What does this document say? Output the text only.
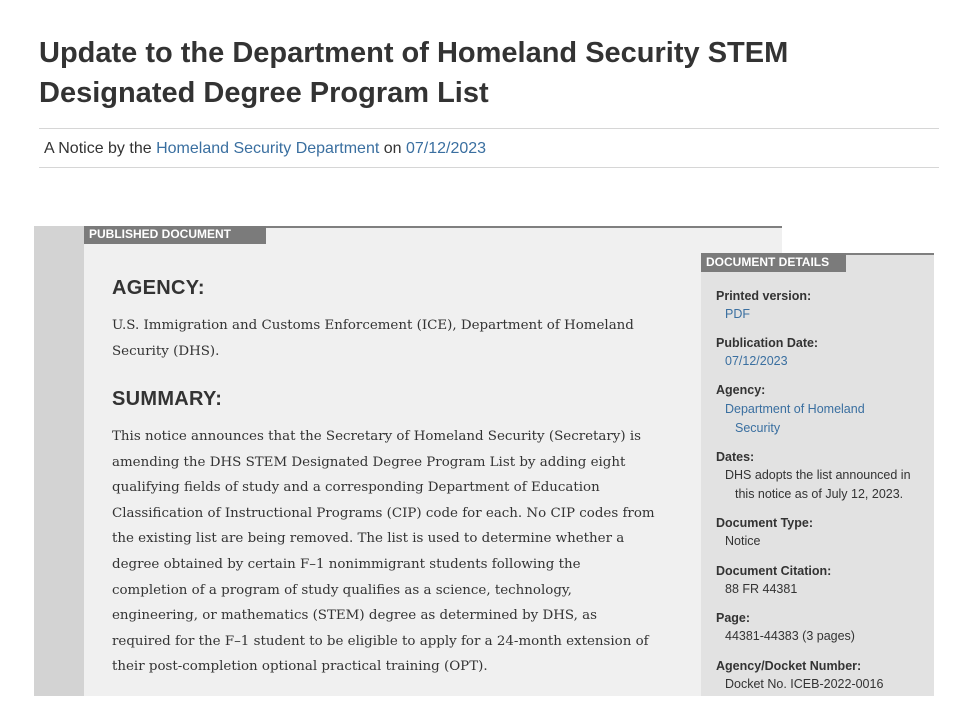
Update to the Department of Homeland Security STEM Designated Degree Program List
A Notice by the Homeland Security Department on 07/12/2023
PUBLISHED DOCUMENT
AGENCY:

U.S. Immigration and Customs Enforcement (ICE), Department of Homeland Security (DHS).

SUMMARY:

This notice announces that the Secretary of Homeland Security (Secretary) is amending the DHS STEM Designated Degree Program List by adding eight qualifying fields of study and a corresponding Department of Education Classification of Instructional Programs (CIP) code for each. No CIP codes from the existing list are being removed. The list is used to determine whether a degree obtained by certain F–1 nonimmigrant students following the completion of a program of study qualifies as a science, technology, engineering, or mathematics (STEM) degree as determined by DHS, as required for the F–1 student to be eligible to apply for a 24-month extension of their post-completion optional practical training (OPT).

DOCUMENT DETAILS
Printed version:
PDF
Publication Date:
07/12/2023
Agency:
Department of Homeland Security
Dates:
DHS adopts the list announced in this notice as of July 12, 2023.
Document Type:
Notice
Document Citation:
88 FR 44381
Page:
44381-44383 (3 pages)
Agency/Docket Number:
Docket No. ICEB-2022-0016
